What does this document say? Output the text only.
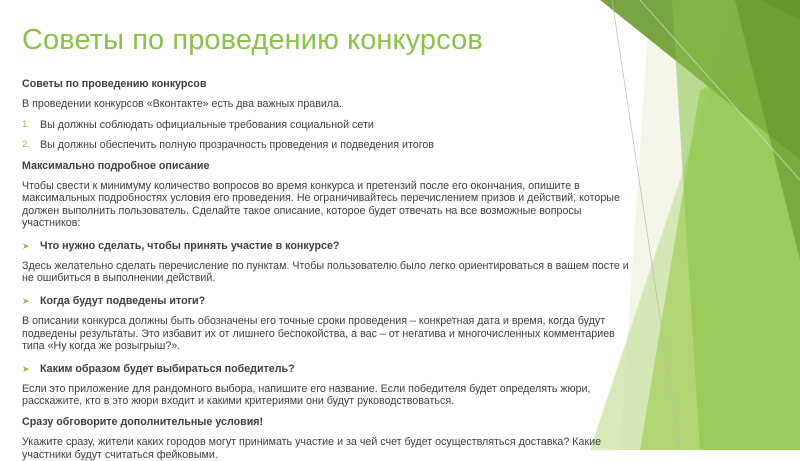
Советы по проведению конкурсов

Советы по проведению конкурсов

В проведении конкурсов «Вконтакте» есть два важных правила.

1. Вы должны соблюдать официальные требования социальной сети
2. Вы должны обеспечить полную прозрачность проведения и подведения итогов

Максимально подробное описание

Чтобы свести к минимуму количество вопросов во время конкурса и претензий после его окончания, опишите в максимальных подробностях условия его проведения. Не ограничивайтесь перечислением призов и действий, которые должен выполнить пользователь. Сделайте такое описание, которое будет отвечать на все возможные вопросы участников:

➤ Что нужно сделать, чтобы принять участие в конкурсе?

Здесь желательно сделать перечисление по пунктам. Чтобы пользователю было легко ориентироваться в вашем посте и не ошибиться в выполнении действий.

➤ Когда будут подведены итоги?

В описании конкурса должны быть обозначены его точные сроки проведения – конкретная дата и время, когда будут подведены результаты. Это избавит их от лишнего беспокойства, а вас – от негатива и многочисленных комментариев типа «Ну когда же розыгрыш?».

➤ Каким образом будет выбираться победитель?

Если это приложение для рандомного выбора, напишите его название. Если победителя будет определять жюри, расскажите, кто в это жюри входит и какими критериями они будут руководствоваться.

Сразу обговорите дополнительные условия!

Укажите сразу, жители каких городов могут принимать участие и за чей счет будет осуществляться доставка? Какие участники будут считаться фейковыми.
